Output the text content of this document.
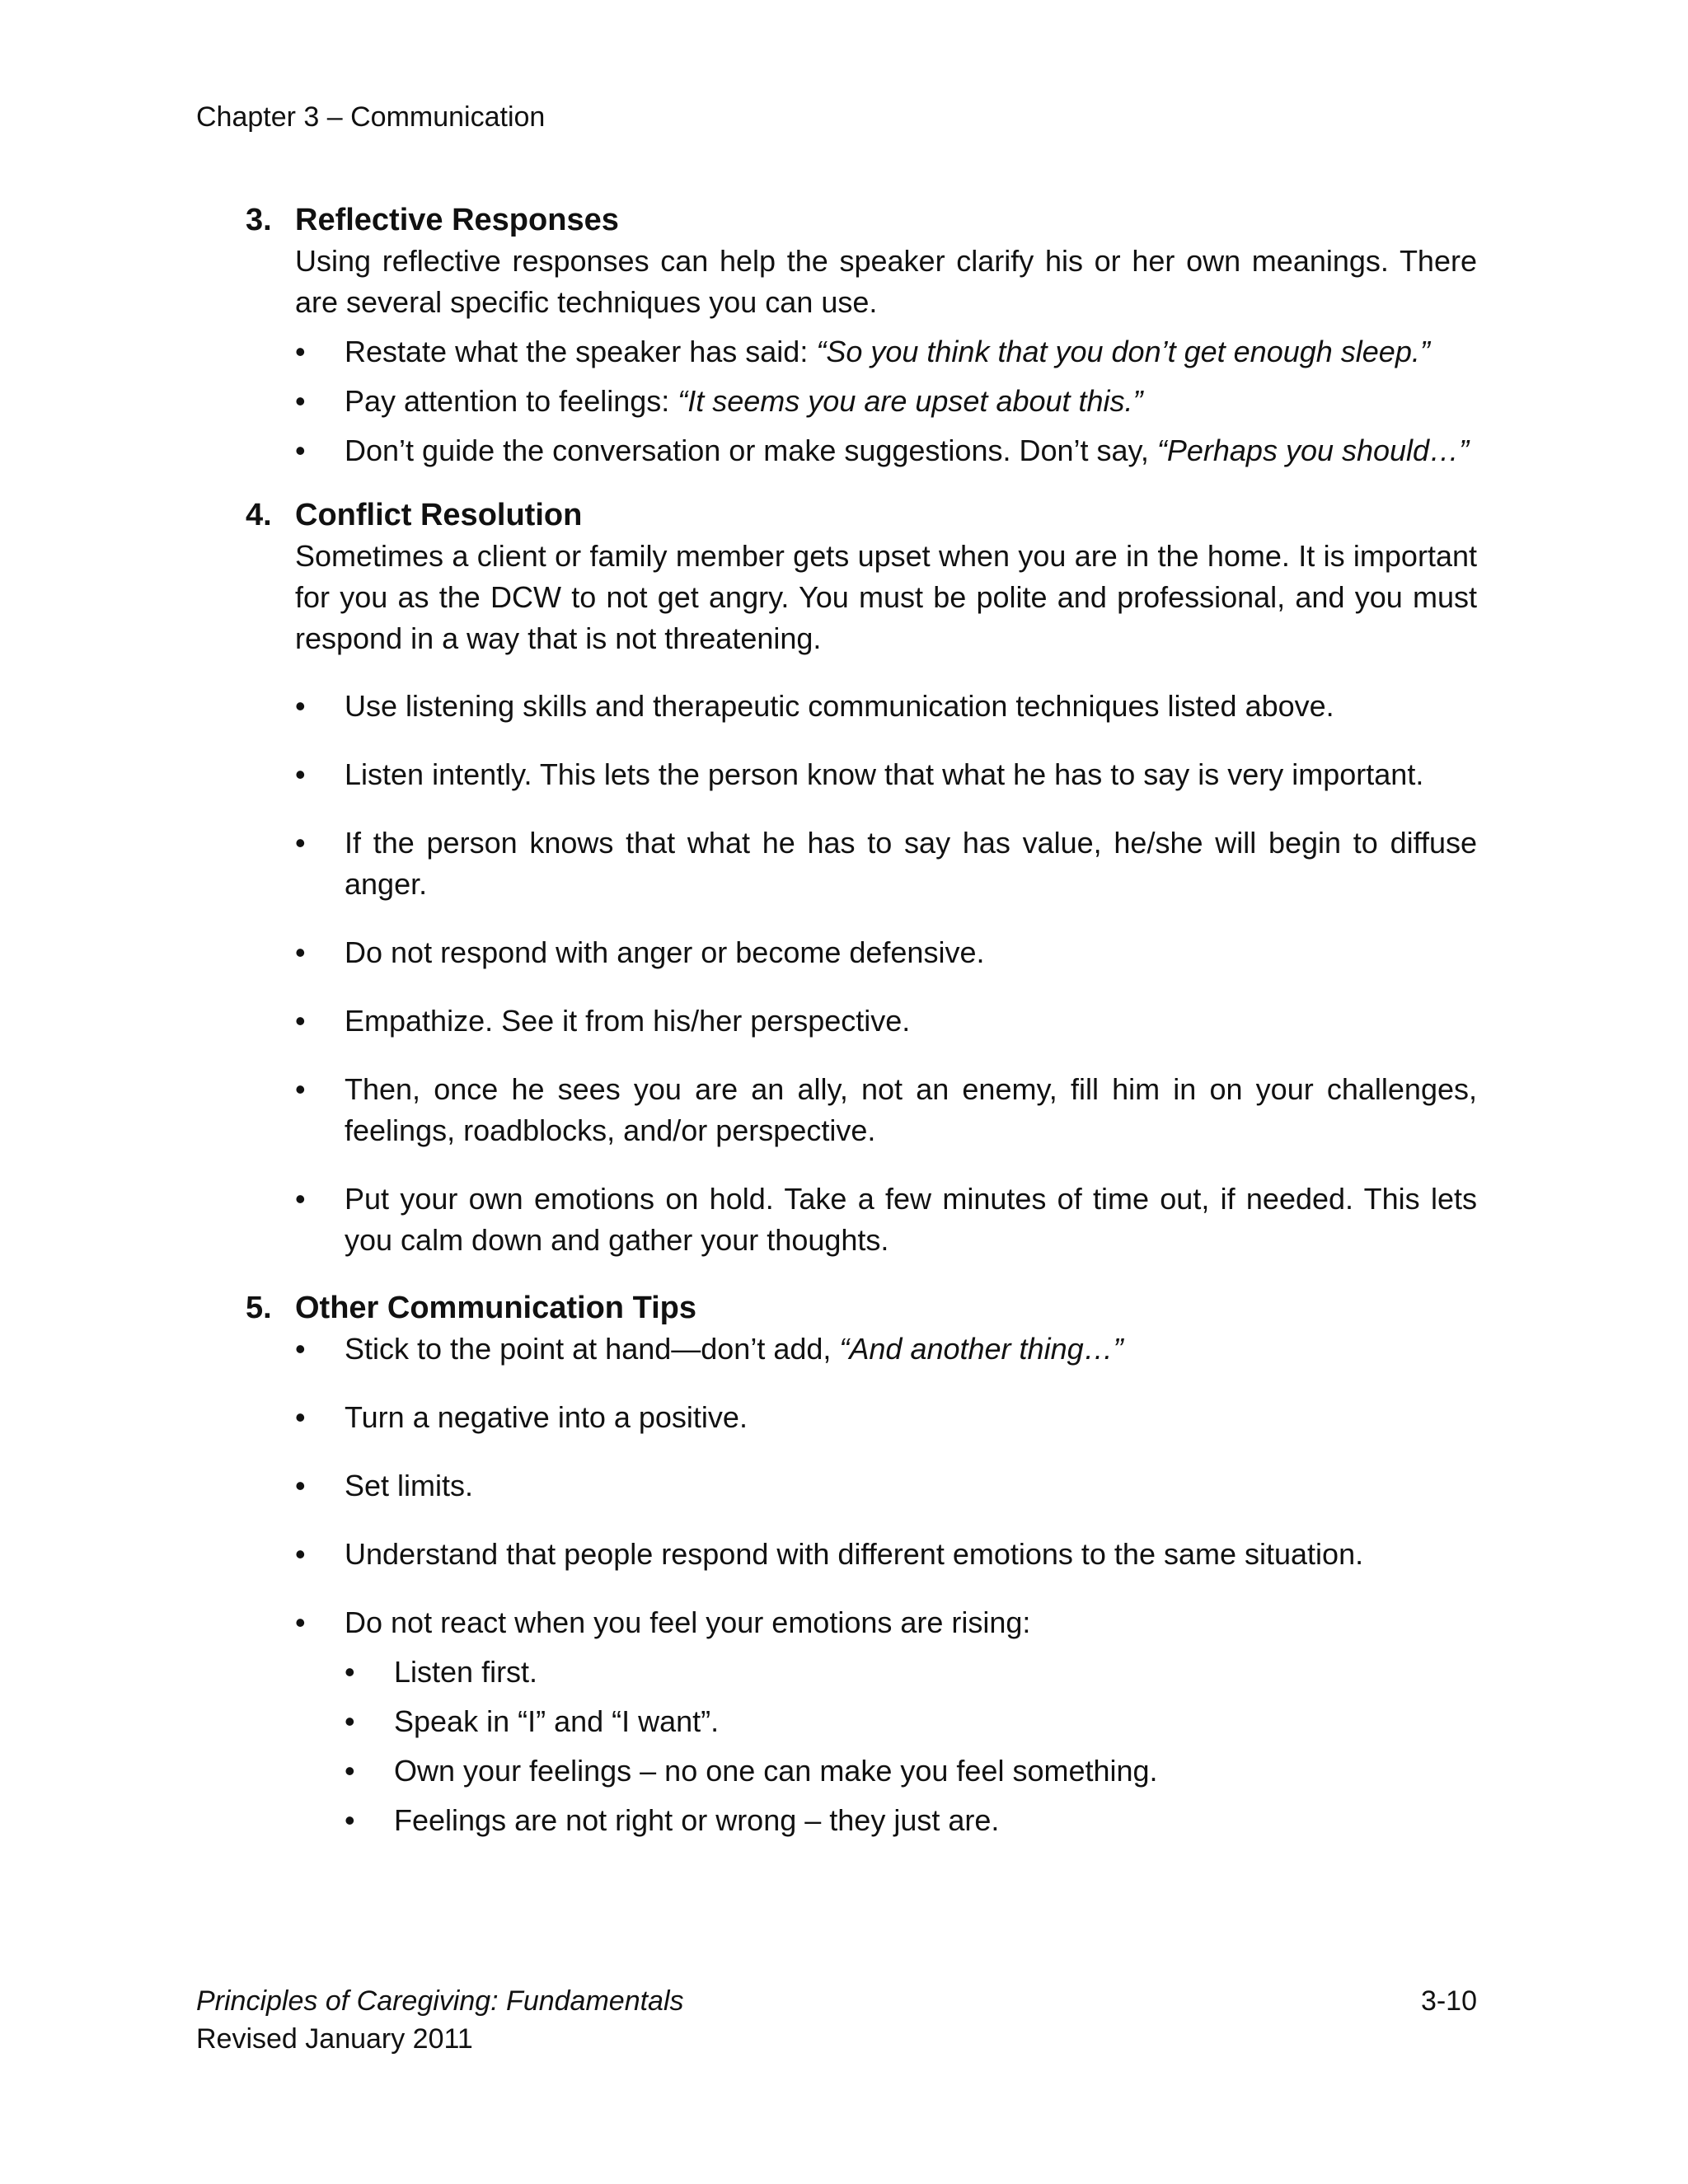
Chapter 3 – Communication
3. Reflective Responses
Using reflective responses can help the speaker clarify his or her own meanings. There are several specific techniques you can use.
• Restate what the speaker has said: “So you think that you don’t get enough sleep.”
• Pay attention to feelings: “It seems you are upset about this.”
• Don’t guide the conversation or make suggestions. Don’t say, “Perhaps you should…”
4. Conflict Resolution
Sometimes a client or family member gets upset when you are in the home. It is important for you as the DCW to not get angry. You must be polite and professional, and you must respond in a way that is not threatening.
• Use listening skills and therapeutic communication techniques listed above.
• Listen intently. This lets the person know that what he has to say is very important.
• If the person knows that what he has to say has value, he/she will begin to diffuse anger.
• Do not respond with anger or become defensive.
• Empathize. See it from his/her perspective.
• Then, once he sees you are an ally, not an enemy, fill him in on your challenges, feelings, roadblocks, and/or perspective.
• Put your own emotions on hold. Take a few minutes of time out, if needed. This lets you calm down and gather your thoughts.
5. Other Communication Tips
• Stick to the point at hand—don’t add, “And another thing…”
• Turn a negative into a positive.
• Set limits.
• Understand that people respond with different emotions to the same situation.
• Do not react when you feel your emotions are rising:
• Listen first.
• Speak in “I” and “I want”.
• Own your feelings – no one can make you feel something.
• Feelings are not right or wrong – they just are.
Principles of Caregiving: Fundamentals
Revised January 2011
3-10
